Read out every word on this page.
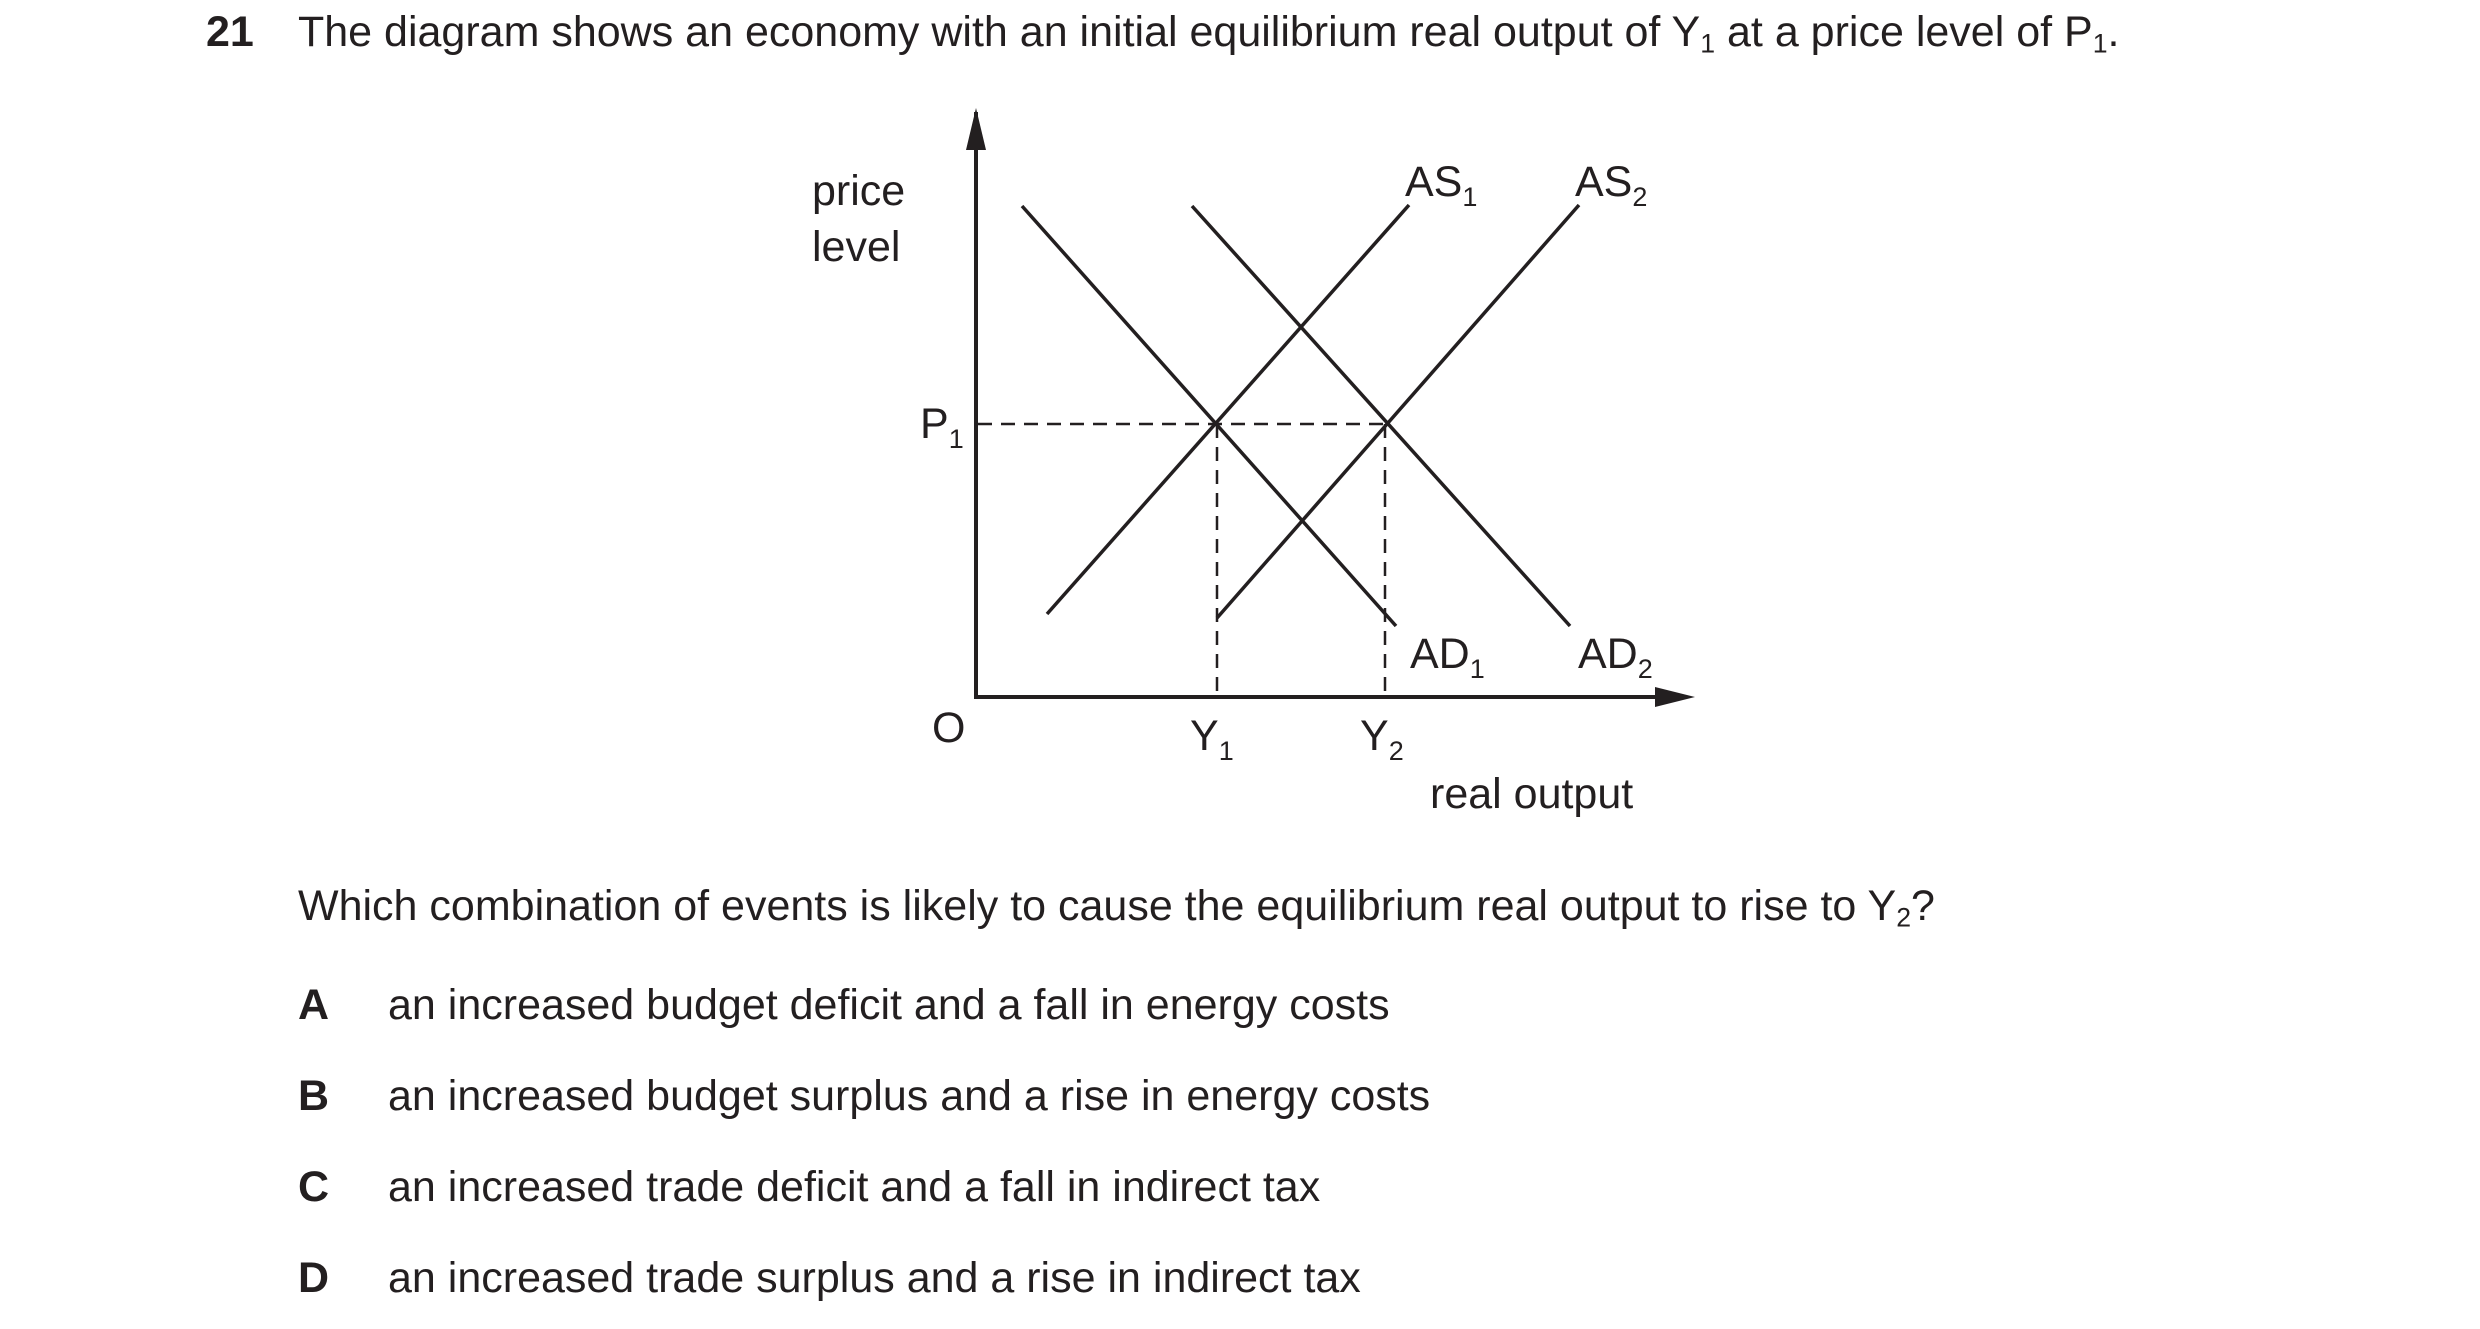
21 The diagram shows an economy with an initial equilibrium real output of $Y_1$ at a price level of $P_1$.
price
level
O
real output
$P_1$
$Y_1$	$Y_2$
$AS_1$ $AS_2$
$AD_1$ $AD_2$
Which combination of events is likely to cause the equilibrium real output to rise to $Y_2$?
A an increased budget deficit and a fall in energy costs
B an increased budget surplus and a rise in energy costs
C an increased trade deficit and a fall in indirect tax
D an increased trade surplus and a rise in indirect tax
